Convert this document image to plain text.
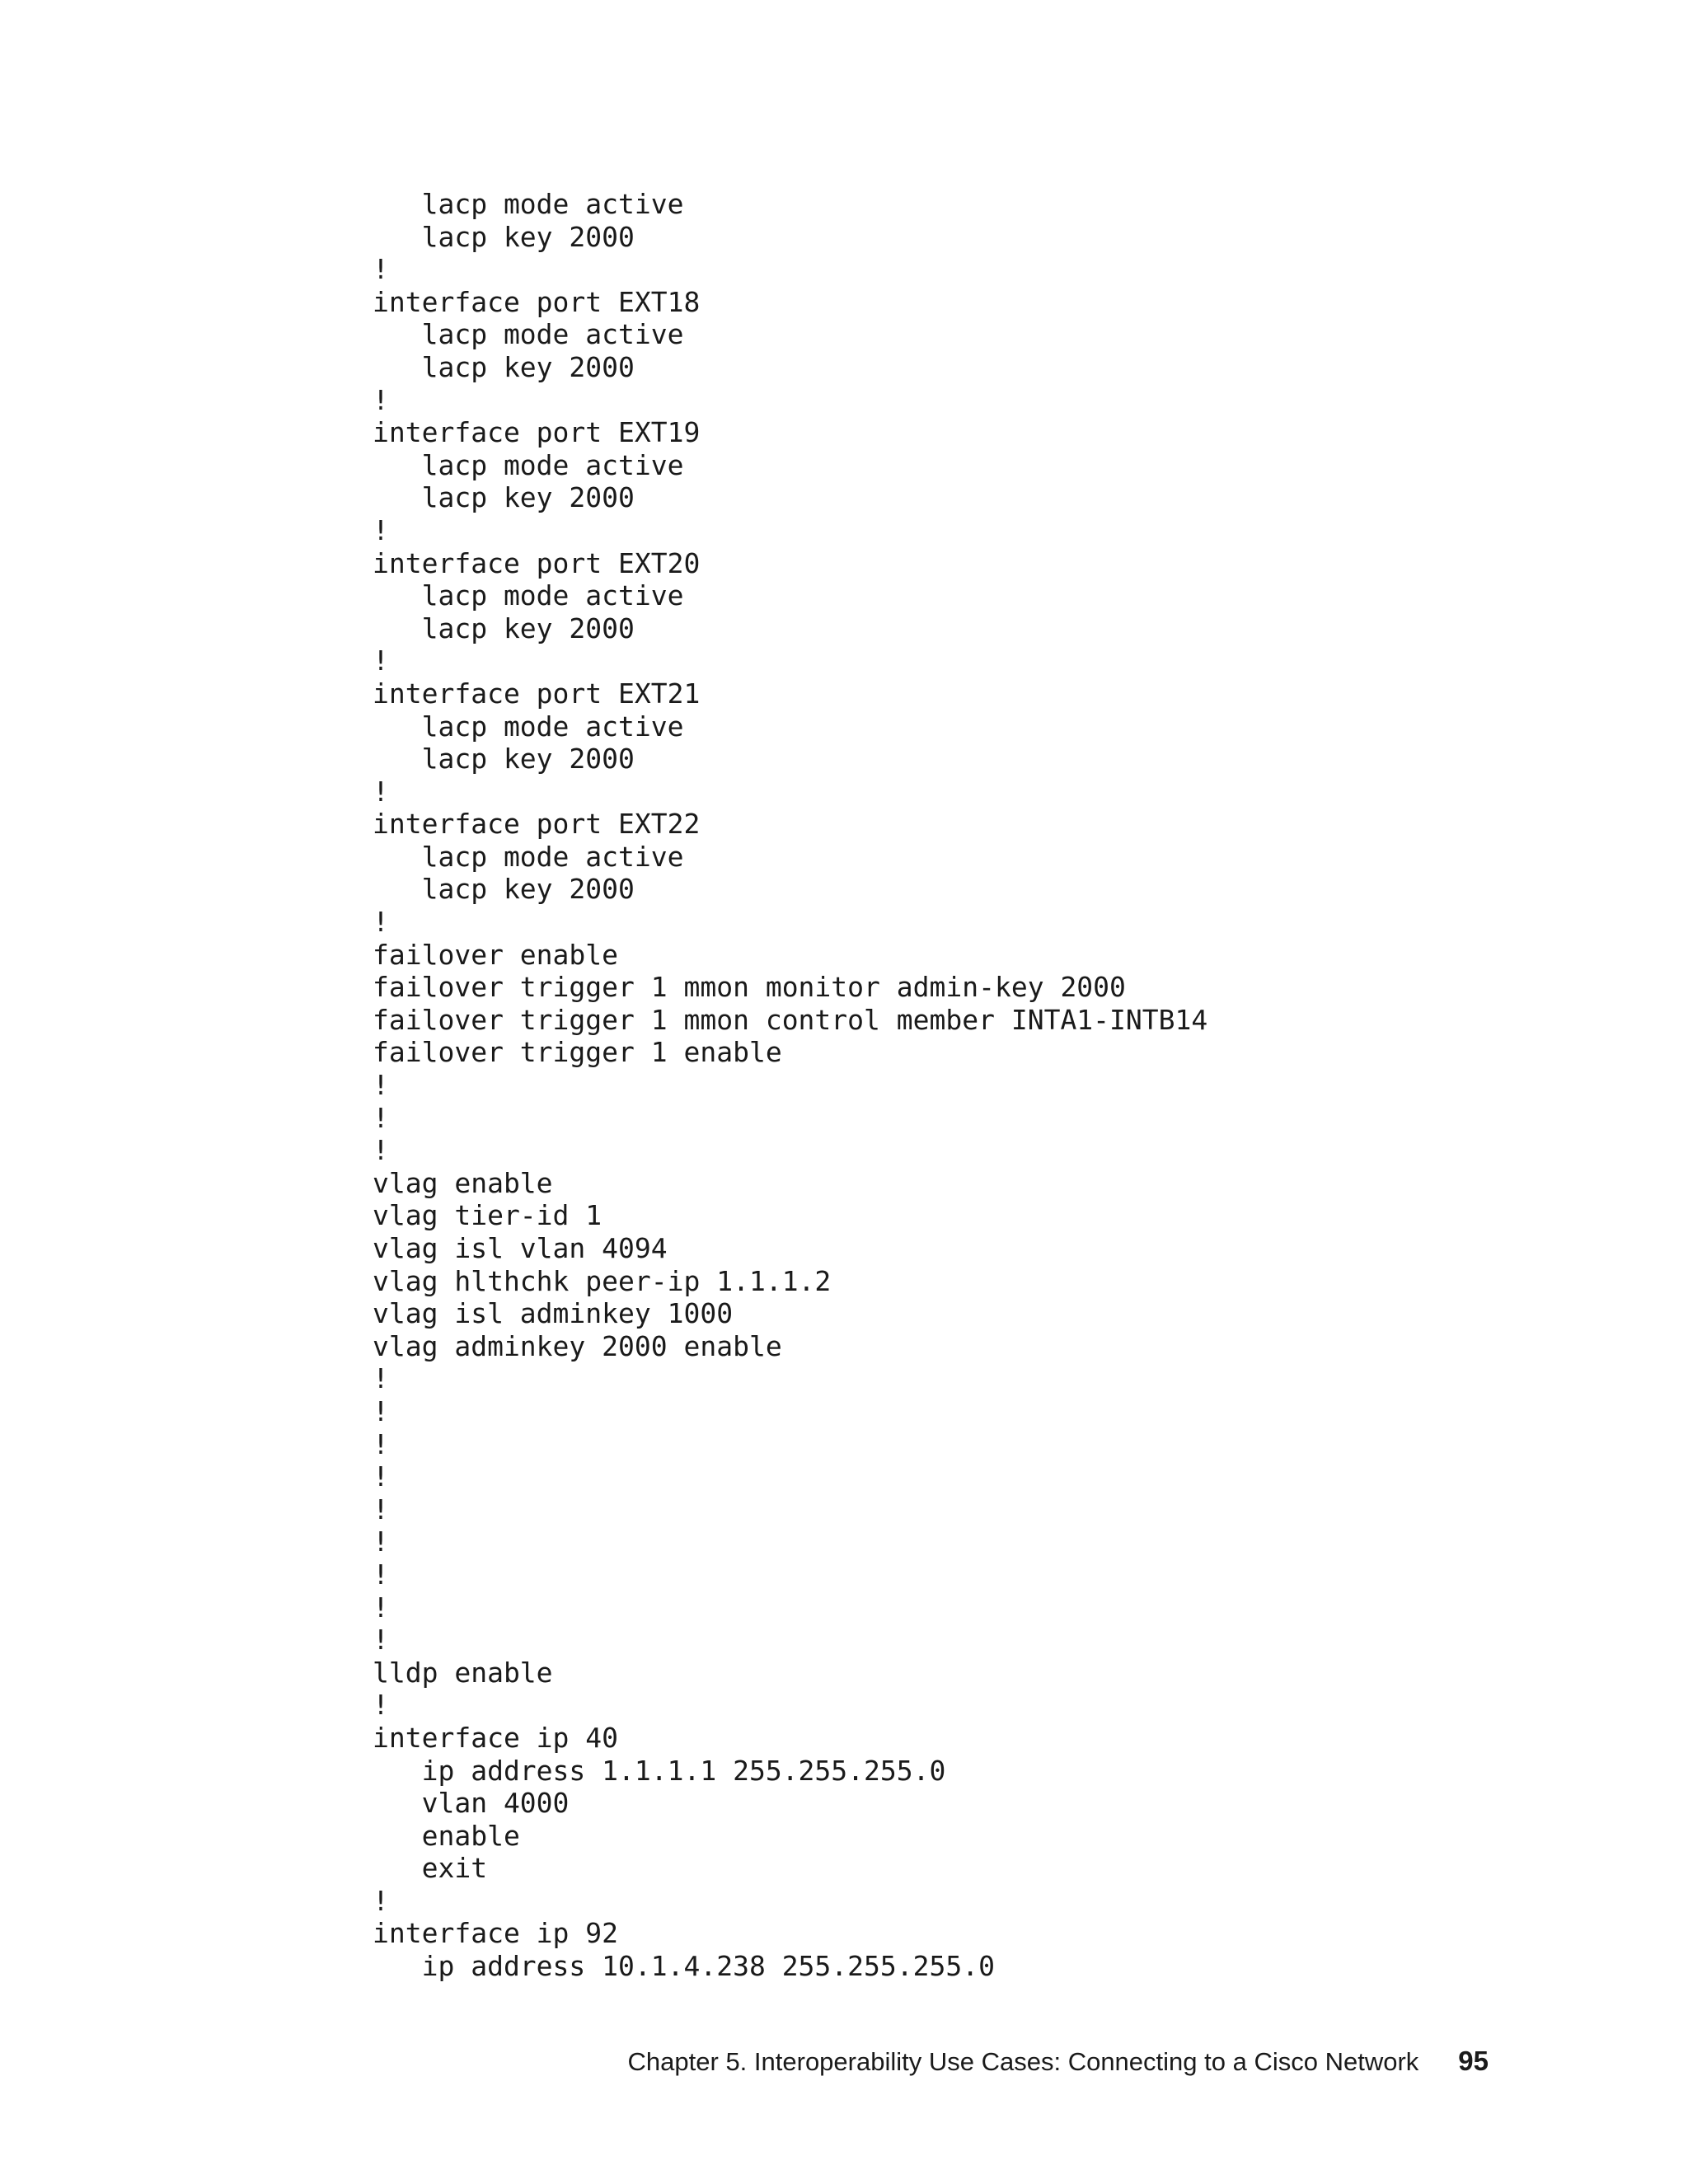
lacp mode active
lacp key 2000
!
interface port EXT18
lacp mode active
lacp key 2000
!
interface port EXT19
lacp mode active
lacp key 2000
!
interface port EXT20
lacp mode active
lacp key 2000
!
interface port EXT21
lacp mode active
lacp key 2000
!
interface port EXT22
lacp mode active
lacp key 2000
!
failover enable
failover trigger 1 mmon monitor admin-key 2000
failover trigger 1 mmon control member INTA1-INTB14
failover trigger 1 enable
!
!
!
vlag enable
vlag tier-id 1
vlag isl vlan 4094
vlag hlthchk peer-ip 1.1.1.2
vlag isl adminkey 1000
vlag adminkey 2000 enable
!
!
!
!
!
!
!
!
!
lldp enable
!
interface ip 40
ip address 1.1.1.1 255.255.255.0
vlan 4000
enable
exit
!
interface ip 92
ip address 10.1.4.238 255.255.255.0
Chapter 5. Interoperability Use Cases: Connecting to a Cisco Network 95
